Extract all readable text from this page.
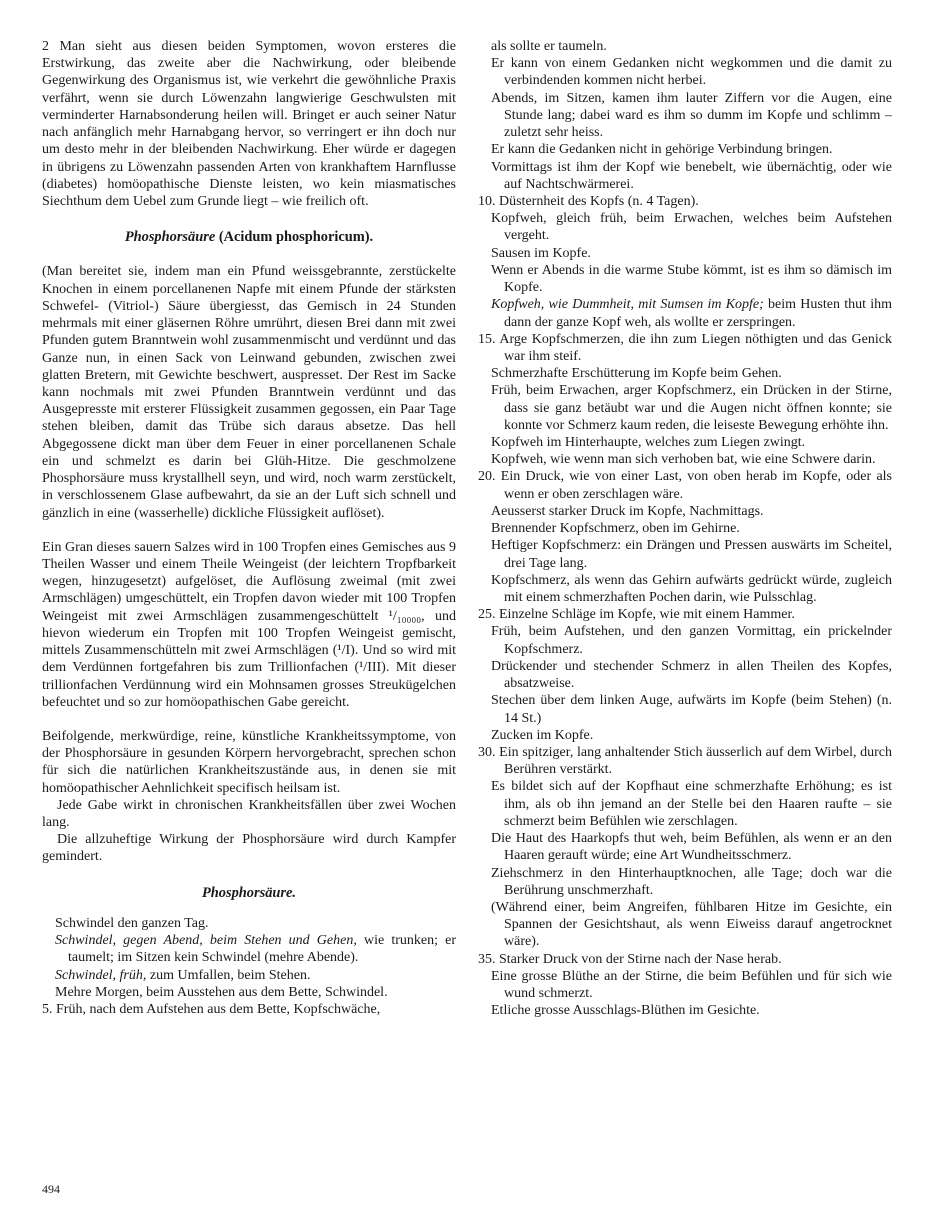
2 Man sieht aus diesen beiden Symptomen, wovon ersteres die Erstwirkung, das zweite aber die Nachwirkung, oder bleibende Gegenwirkung des Organismus ist, wie verkehrt die gewöhnliche Praxis verfährt, wenn sie durch Löwenzahn langwierige Geschwulsten mit verminderter Harnabsonderung heilen will. Bringet er auch seiner Natur nach anfänglich mehr Harnabgang hervor, so verringert er ihn doch nur um desto mehr in der bleibenden Nachwirkung. Eher würde er dagegen in übrigens zu Löwenzahn passenden Arten von krankhaftem Harnflusse (diabetes) homöopathische Dienste leisten, wo kein miasmatisches Siechthum dem Uebel zum Grunde liegt – wie freilich oft.

Phosphorsäure (Acidum phosphoricum).

(Man bereitet sie, indem man ein Pfund weissgebrannte, zerstückelte Knochen in einem porcellanenen Napfe mit einem Pfunde der stärksten Schwefel- (Vitriol-) Säure übergiesst, das Gemisch in 24 Stunden mehrmals mit einer gläsernen Röhre umrührt, diesen Brei dann mit zwei Pfunden gutem Branntwein wohl zusammenmischt und verdünnt und das Ganze nun, in einen Sack von Leinwand gebunden, zwischen zwei glatten Bretern, mit Gewichte beschwert, auspresset. Der Rest im Sacke kann nochmals mit zwei Pfunden Branntwein verdünnt und das Ausgepresste mit ersterer Flüssigkeit zusammen gegossen, ein Paar Tage stehen bleiben, damit das Trübe sich daraus absetze. Das hell Abgegossene dickt man über dem Feuer in einer porcellanenen Schale ein und schmelzt es darin bei Glüh-Hitze. Die geschmolzene Phosphorsäure muss krystallhell seyn, und wird, noch warm zerstückelt, in verschlossenem Glase aufbewahrt, da sie an der Luft sich schnell und gänzlich in eine (wasserhelle) dickliche Flüssigkeit auflöset).

Ein Gran dieses sauern Salzes wird in 100 Tropfen eines Gemisches aus 9 Theilen Wasser und einem Theile Weingeist (der leichtern Tropfbarkeit wegen, hinzugesetzt) aufgelöset, die Auflösung zweimal (mit zwei Armschlägen) umgeschüttelt, ein Tropfen davon wieder mit 100 Tropfen Weingeist mit zwei Armschlägen zusammengeschüttelt ¹/₁₀₀₀₀, und hievon wiederum ein Tropfen mit 100 Tropfen Weingeist gemischt, mittels Zusammenschütteln mit zwei Armschlägen (¹/I). Und so wird mit dem Verdünnen fortgefahren bis zum Trillionfachen (¹/III). Mit dieser trillionfachen Verdünnung wird ein Mohnsamen grosses Streukügelchen befeuchtet und so zur homöopathischen Gabe gereicht.

Beifolgende, merkwürdige, reine, künstliche Krankheitssymptome, von der Phosphorsäure in gesunden Körpern hervorgebracht, sprechen schon für sich die natürlichen Krankheitszustände aus, in denen sie mit homöopathischer Aehnlichkeit specifisch heilsam ist.

Jede Gabe wirkt in chronischen Krankheitsfällen über zwei Wochen lang.

Die allzuheftige Wirkung der Phosphorsäure wird durch Kampfer gemindert.

Phosphorsäure.
Schwindel den ganzen Tag.
Schwindel, gegen Abend, beim Stehen und Gehen, wie trunken; er taumelt; im Sitzen kein Schwindel (mehre Abende).
Schwindel, früh, zum Umfallen, beim Stehen.
Mehre Morgen, beim Ausstehen aus dem Bette, Schwindel.
5. Früh, nach dem Aufstehen aus dem Bette, Kopfschwäche,
als sollte er taumeln.
Er kann von einem Gedanken nicht wegkommen und die damit zu verbindenden kommen nicht herbei.
Abends, im Sitzen, kamen ihm lauter Ziffern vor die Augen, eine Stunde lang; dabei ward es ihm so dumm im Kopfe und schlimm – zuletzt sehr heiss.
Er kann die Gedanken nicht in gehörige Verbindung bringen.
Vormittags ist ihm der Kopf wie benebelt, wie übernächtig, oder wie auf Nachtschwärmerei.
10. Düsternheit des Kopfs (n. 4 Tagen).
Kopfweh, gleich früh, beim Erwachen, welches beim Aufstehen vergeht.
Sausen im Kopfe.
Wenn er Abends in die warme Stube kömmt, ist es ihm so dämisch im Kopfe.
Kopfweh, wie Dummheit, mit Sumsen im Kopfe; beim Husten thut ihm dann der ganze Kopf weh, als wollte er zerspringen.
15. Arge Kopfschmerzen, die ihn zum Liegen nöthigten und das Genick war ihm steif.
Schmerzhafte Erschütterung im Kopfe beim Gehen.
Früh, beim Erwachen, arger Kopfschmerz, ein Drücken in der Stirne, dass sie ganz betäubt war und die Augen nicht öffnen konnte; sie konnte vor Schmerz kaum reden, die leiseste Bewegung erhöhte ihn.
Kopfweh im Hinterhaupte, welches zum Liegen zwingt.
Kopfweh, wie wenn man sich verhoben bat, wie eine Schwere darin.
20. Ein Druck, wie von einer Last, von oben herab im Kopfe, oder als wenn er oben zerschlagen wäre.
Aeusserst starker Druck im Kopfe, Nachmittags.
Brennender Kopfschmerz, oben im Gehirne.
Heftiger Kopfschmerz: ein Drängen und Pressen auswärts im Scheitel, drei Tage lang.
Kopfschmerz, als wenn das Gehirn aufwärts gedrückt würde, zugleich mit einem schmerzhaften Pochen darin, wie Pulsschlag.
25. Einzelne Schläge im Kopfe, wie mit einem Hammer.
Früh, beim Aufstehen, und den ganzen Vormittag, ein prickelnder Kopfschmerz.
Drückender und stechender Schmerz in allen Theilen des Kopfes, absatzweise.
Stechen über dem linken Auge, aufwärts im Kopfe (beim Stehen) (n. 14 St.)
Zucken im Kopfe.
30. Ein spitziger, lang anhaltender Stich äusserlich auf dem Wirbel, durch Berühren verstärkt.
Es bildet sich auf der Kopfhaut eine schmerzhafte Erhöhung; es ist ihm, als ob ihn jemand an der Stelle bei den Haaren raufte – sie schmerzt beim Befühlen wie zerschlagen.
Die Haut des Haarkopfs thut weh, beim Befühlen, als wenn er an den Haaren gerauft würde; eine Art Wundheitsschmerz.
Ziehschmerz in den Hinterhauptknochen, alle Tage; doch war die Berührung unschmerzhaft.
(Während einer, beim Angreifen, fühlbaren Hitze im Gesichte, ein Spannen der Gesichtshaut, als wenn Eiweiss darauf angetrocknet wäre).
35. Starker Druck von der Stirne nach der Nase herab.
Eine grosse Blüthe an der Stirne, die beim Befühlen und für sich wie wund schmerzt.
Etliche grosse Ausschlags-Blüthen im Gesichte.
494
